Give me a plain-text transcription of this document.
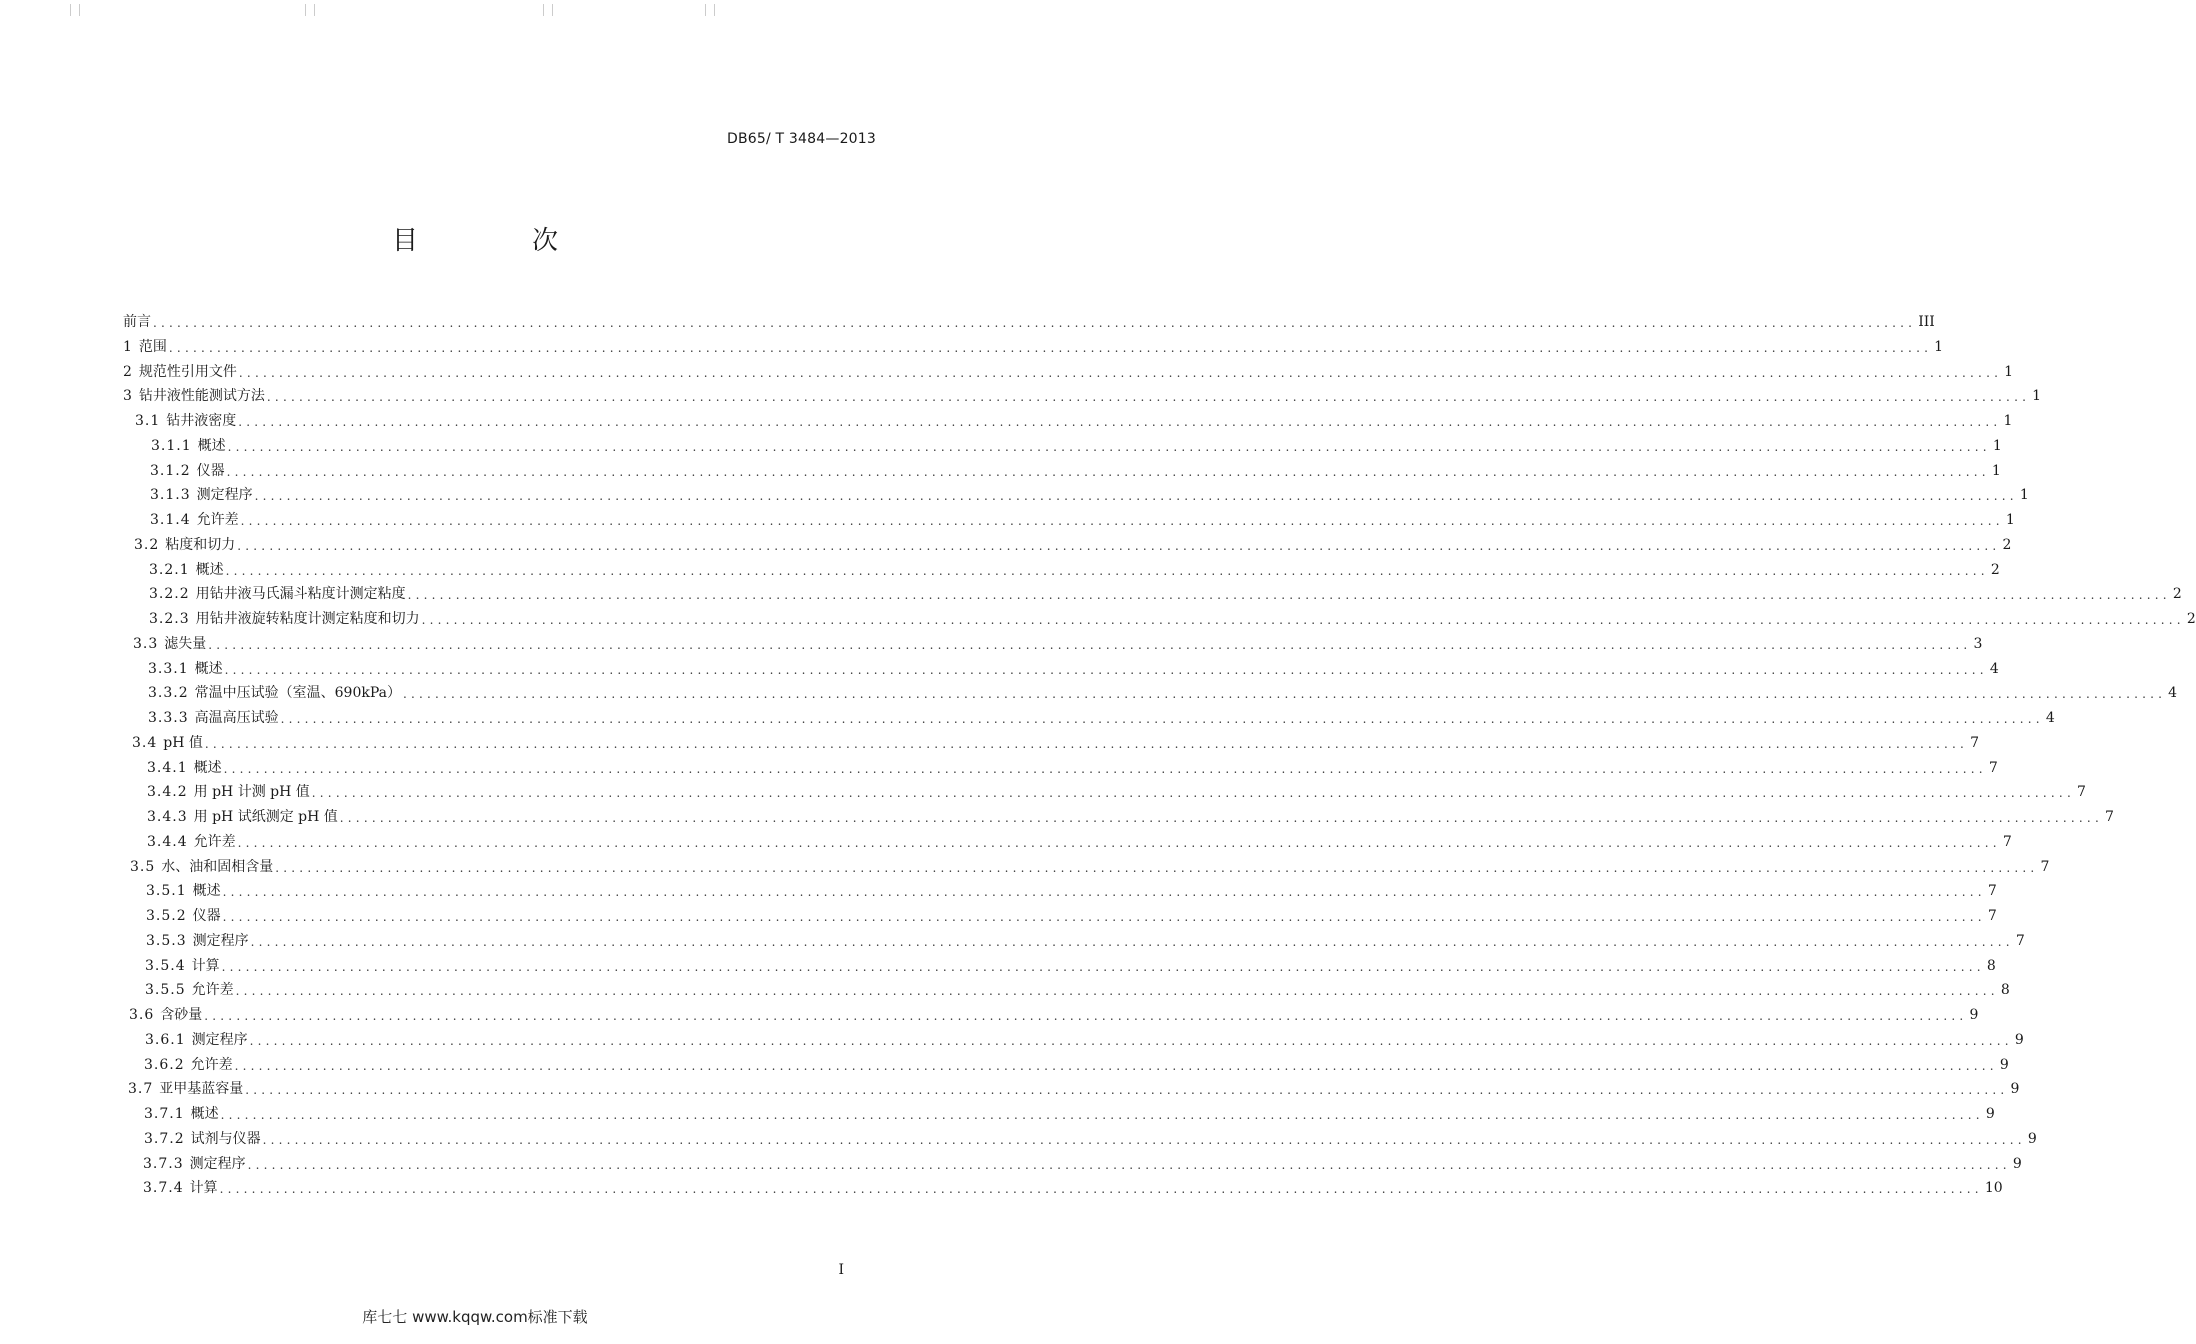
DB65/ T 3484—2013
目　次
前言 ............................................................................................................................................................................................................................ III
1 范围 ............................................................................................................................................................................................................................ 1
2 规范性引用文件 ............................................................................................................................................................................................................................ 1
3 钻井液性能测试方法 ............................................................................................................................................................................................................................ 1
3.1 钻井液密度 ............................................................................................................................................................................................................................ 1
3.1.1 概述 ............................................................................................................................................................................................................................ 1
3.1.2 仪器 ............................................................................................................................................................................................................................ 1
3.1.3 测定程序 ............................................................................................................................................................................................................................ 1
3.1.4 允许差 ............................................................................................................................................................................................................................ 1
3.2 粘度和切力 ............................................................................................................................................................................................................................ 2
3.2.1 概述 ............................................................................................................................................................................................................................ 2
3.2.2 用钻井液马氏漏斗粘度计测定粘度 ............................................................................................................................................................................................................................ 2
3.2.3 用钻井液旋转粘度计测定粘度和切力 ............................................................................................................................................................................................................................ 2
3.3 滤失量 ............................................................................................................................................................................................................................ 3
3.3.1 概述 ............................................................................................................................................................................................................................ 4
3.3.2 常温中压试验（室温、690kPa） ............................................................................................................................................................................................................................ 4
3.3.3 高温高压试验 ............................................................................................................................................................................................................................ 4
3.4 pH 值 ............................................................................................................................................................................................................................ 7
3.4.1 概述 ............................................................................................................................................................................................................................ 7
3.4.2 用 pH 计测 pH 值 ............................................................................................................................................................................................................................ 7
3.4.3 用 pH 试纸测定 pH 值 ............................................................................................................................................................................................................................ 7
3.4.4 允许差 ............................................................................................................................................................................................................................ 7
3.5 水、油和固相含量 ............................................................................................................................................................................................................................ 7
3.5.1 概述 ............................................................................................................................................................................................................................ 7
3.5.2 仪器 ............................................................................................................................................................................................................................ 7
3.5.3 测定程序 ............................................................................................................................................................................................................................ 7
3.5.4 计算 ............................................................................................................................................................................................................................ 8
3.5.5 允许差 ............................................................................................................................................................................................................................ 8
3.6 含砂量 ............................................................................................................................................................................................................................ 9
3.6.1 测定程序 ............................................................................................................................................................................................................................ 9
3.6.2 允许差 ............................................................................................................................................................................................................................ 9
3.7 亚甲基蓝容量 ............................................................................................................................................................................................................................ 9
3.7.1 概述 ............................................................................................................................................................................................................................ 9
3.7.2 试剂与仪器 ............................................................................................................................................................................................................................ 9
3.7.3 测定程序 ............................................................................................................................................................................................................................ 9
3.7.4 计算 ............................................................................................................................................................................................................................ 10
I
库七七 www.kqqw.com标准下载
